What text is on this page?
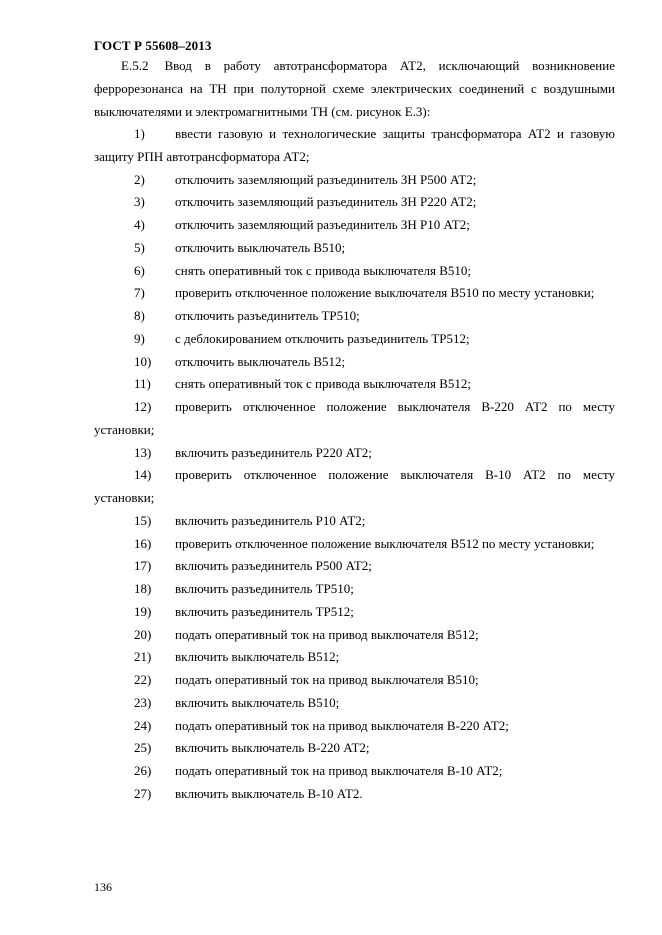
ГОСТ Р 55608–2013

Е.5.2 Ввод в работу автотрансформатора АТ2, исключающий возникновение феррорезонанса на ТН при полуторной схеме электрических соединений с воздушными выключателями и электромагнитными ТН (см. рисунок Е.3):

1) ввести газовую и технологические защиты трансформатора АТ2 и газовую защиту РПН автотрансформатора АТ2;
2) отключить заземляющий разъединитель ЗН Р500 АТ2;
3) отключить заземляющий разъединитель ЗН Р220 АТ2;
4) отключить заземляющий разъединитель ЗН Р10 АТ2;
5) отключить выключатель В510;
6) снять оперативный ток с привода выключателя В510;
7) проверить отключенное положение выключателя В510 по месту установки;
8) отключить разъединитель ТР510;
9) с деблокированием отключить разъединитель ТР512;
10) отключить выключатель В512;
11) снять оперативный ток с привода выключателя В512;
12) проверить отключенное положение выключателя В-220 АТ2 по месту установки;
13) включить разъединитель Р220 АТ2;
14) проверить отключенное положение выключателя В-10 АТ2 по месту установки;
15) включить разъединитель Р10 АТ2;
16) проверить отключенное положение выключателя В512 по месту установки;
17) включить разъединитель Р500 АТ2;
18) включить разъединитель ТР510;
19) включить разъединитель ТР512;
20) подать оперативный ток на привод выключателя В512;
21) включить выключатель В512;
22) подать оперативный ток на привод выключателя В510;
23) включить выключатель В510;
24) подать оперативный ток на привод выключателя В-220 АТ2;
25) включить выключатель В-220 АТ2;
26) подать оперативный ток на привод выключателя В-10 АТ2;
27) включить выключатель В-10 АТ2.
136
